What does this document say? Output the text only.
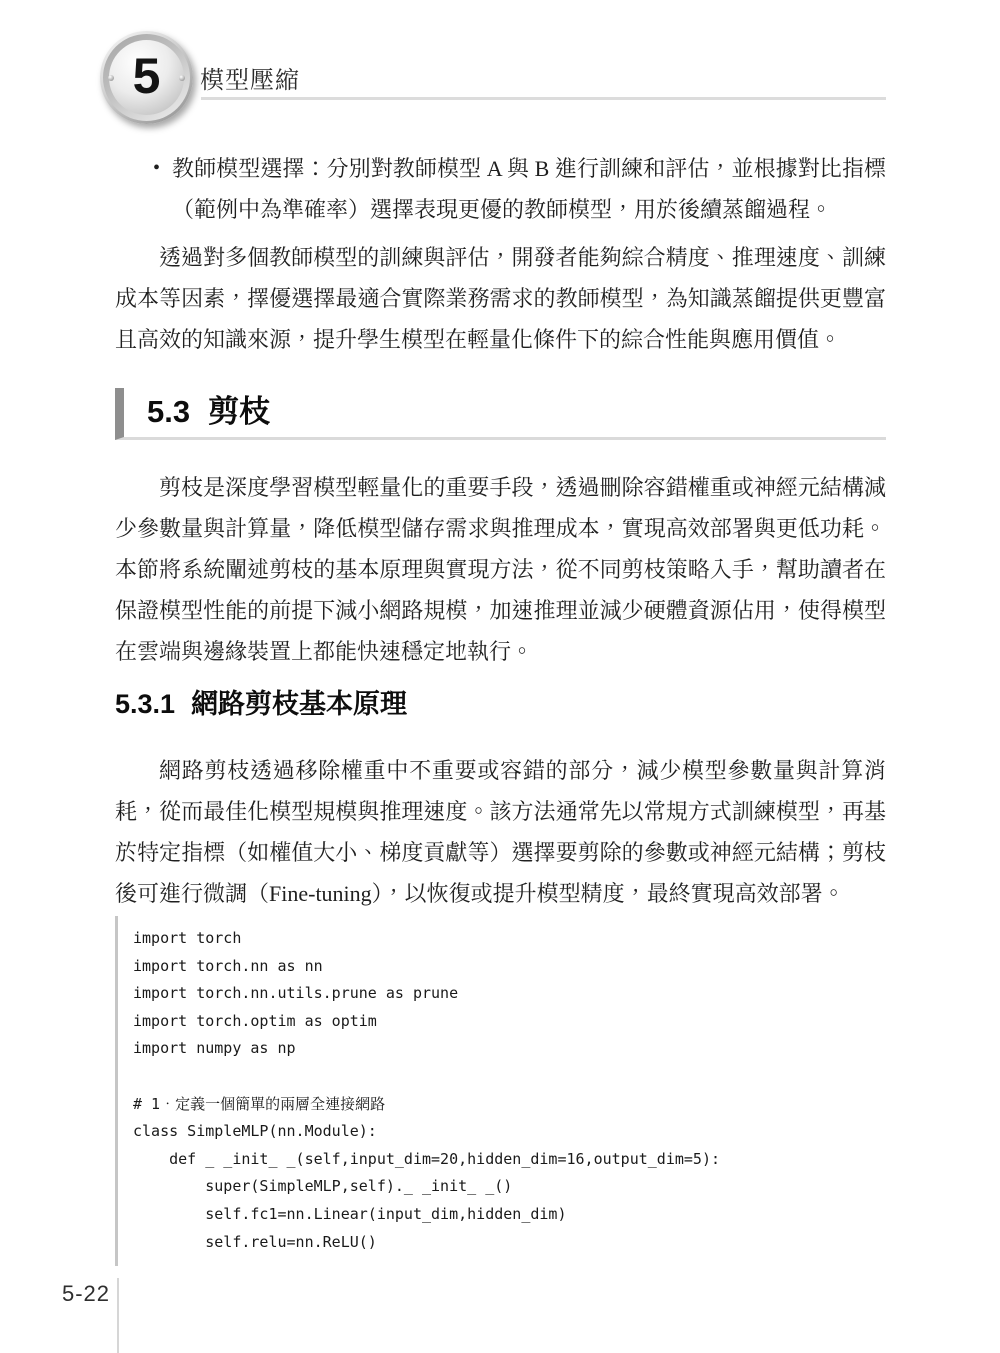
5 模型壓縮
• 教師模型選擇：分別對教師模型 A 與 B 進行訓練和評估，並根據對比指標（範例中為準確率）選擇表現更優的教師模型，用於後續蒸餾過程。

透過對多個教師模型的訓練與評估，開發者能夠綜合精度、推理速度、訓練成本等因素，擇優選擇最適合實際業務需求的教師模型，為知識蒸餾提供更豐富且高效的知識來源，提升學生模型在輕量化條件下的綜合性能與應用價值。

5.3 剪枝

剪枝是深度學習模型輕量化的重要手段，透過刪除容錯權重或神經元結構減少參數量與計算量，降低模型儲存需求與推理成本，實現高效部署與更低功耗。本節將系統闡述剪枝的基本原理與實現方法，從不同剪枝策略入手，幫助讀者在保證模型性能的前提下減小網路規模，加速推理並減少硬體資源佔用，使得模型在雲端與邊緣裝置上都能快速穩定地執行。

5.3.1 網路剪枝基本原理

網路剪枝透過移除權重中不重要或容錯的部分，減少模型參數量與計算消耗，從而最佳化模型規模與推理速度。該方法通常先以常規方式訓練模型，再基於特定指標（如權值大小、梯度貢獻等）選擇要剪除的參數或神經元結構；剪枝後可進行微調（Fine-tuning），以恢復或提升模型精度，最終實現高效部署。

import torch
import torch.nn as nn
import torch.nn.utils.prune as prune
import torch.optim as optim
import numpy as np
# 1．定義一個簡單的兩層全連接網路
class SimpleMLP(nn.Module):
def _ _init_ _(self,input_dim=20,hidden_dim=16,output_dim=5):
super(SimpleMLP,self)._ _init_ _()
self.fc1=nn.Linear(input_dim,hidden_dim)
self.relu=nn.ReLU()
5-22
